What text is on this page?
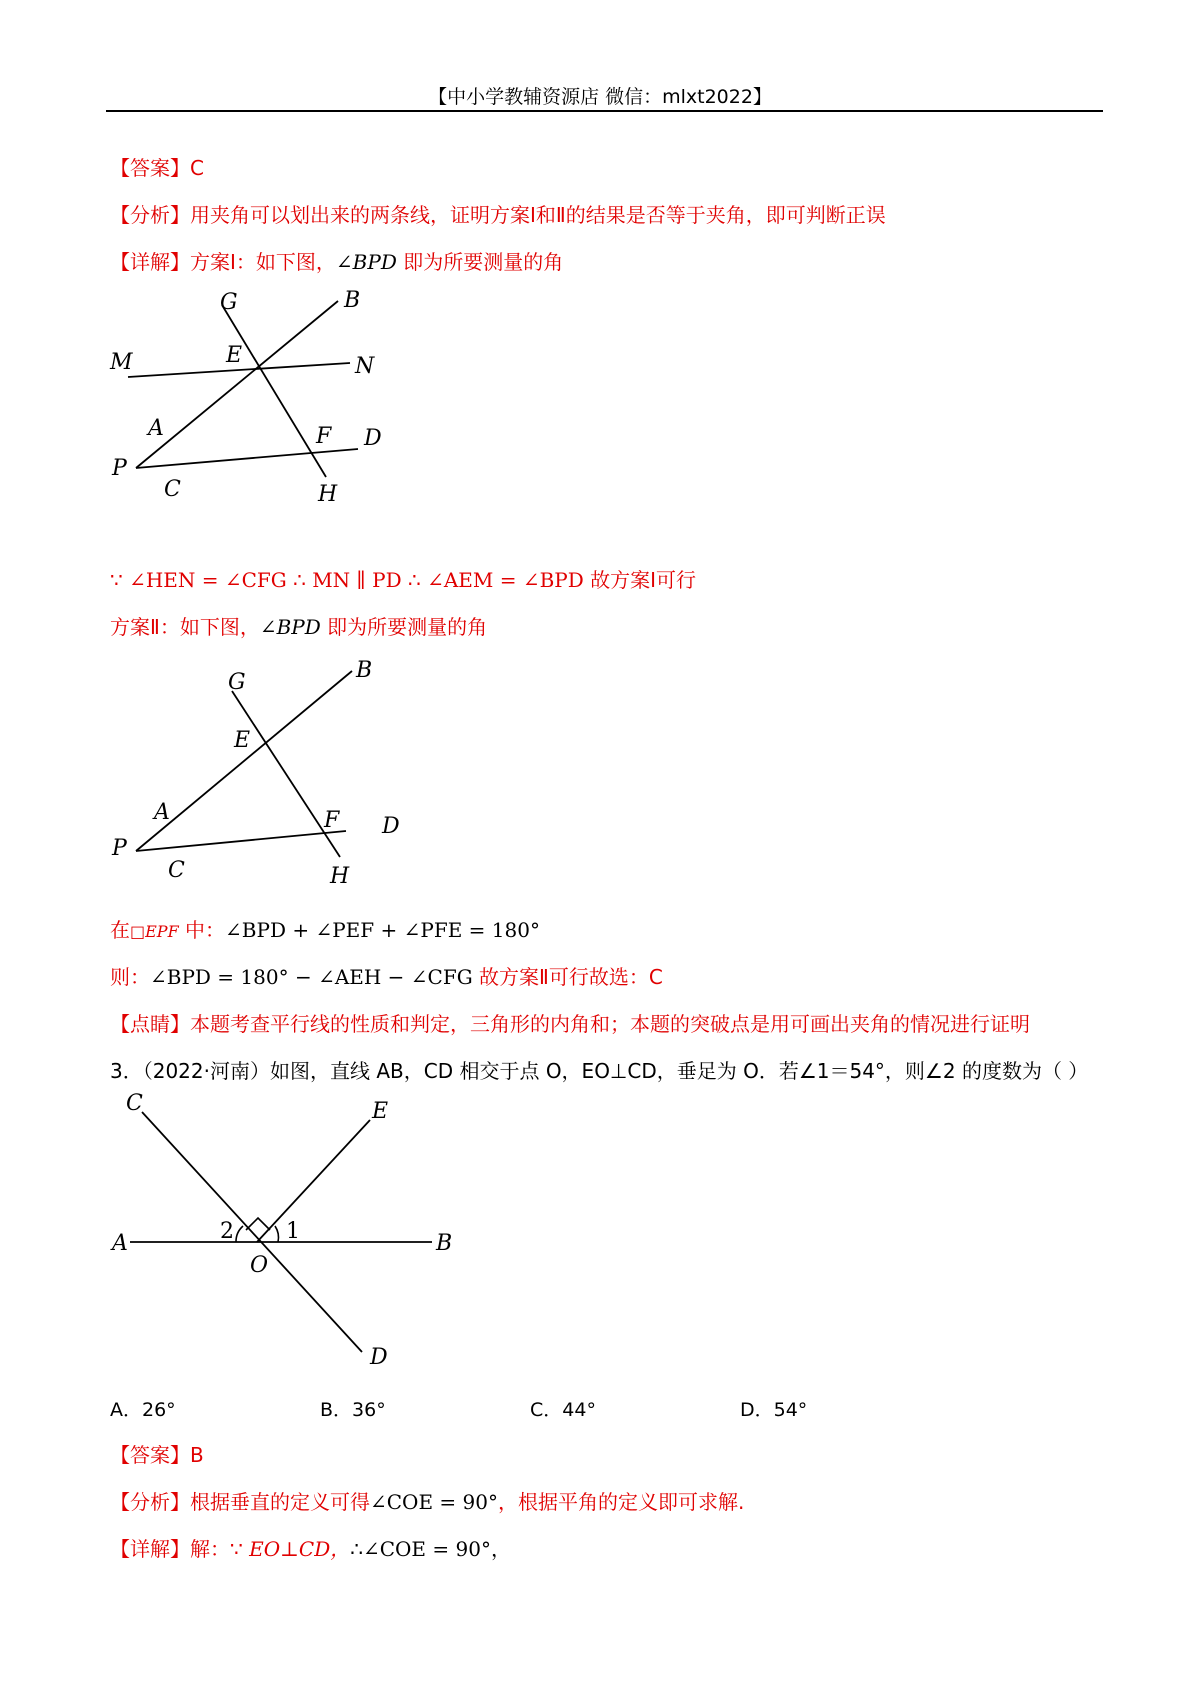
【中小学教辅资源店 微信：mlxt2022】
【答案】C
【分析】用夹角可以划出来的两条线，证明方案Ⅰ和Ⅱ的结果是否等于夹角，即可判断正误
【详解】方案Ⅰ：如下图，∠BPD 即为所要测量的角
G	B
M	E	N
A	F D
P
C	H
∵ ∠HEN = ∠CFG ∴ MN ∥ PD ∴ ∠AEM = ∠BPD 故方案Ⅰ可行
方案Ⅱ：如下图，∠BPD 即为所要测量的角
G	B
E
A	F D
P
C	H
在□EPF 中：∠BPD + ∠PEF + ∠PFE = 180°
则：∠BPD = 180° − ∠AEH − ∠CFG 故方案Ⅱ可行故选：C
【点睛】本题考查平行线的性质和判定，三角形的内角和；本题的突破点是用可画出夹角的情况进行证明
3．（2022·河南）如图，直线 AB，CD 相交于点 O，EO⊥CD，垂足为 O．若∠1＝54°，则∠2 的度数为（ ）
C	E
A	B
O
D
1
2
A．26°	B．36°	C．44°	D．54°
【答案】B
【分析】根据垂直的定义可得∠COE = 90°，根据平角的定义即可求解.
【详解】解：∵ EO⊥CD，∴∠COE = 90°，
